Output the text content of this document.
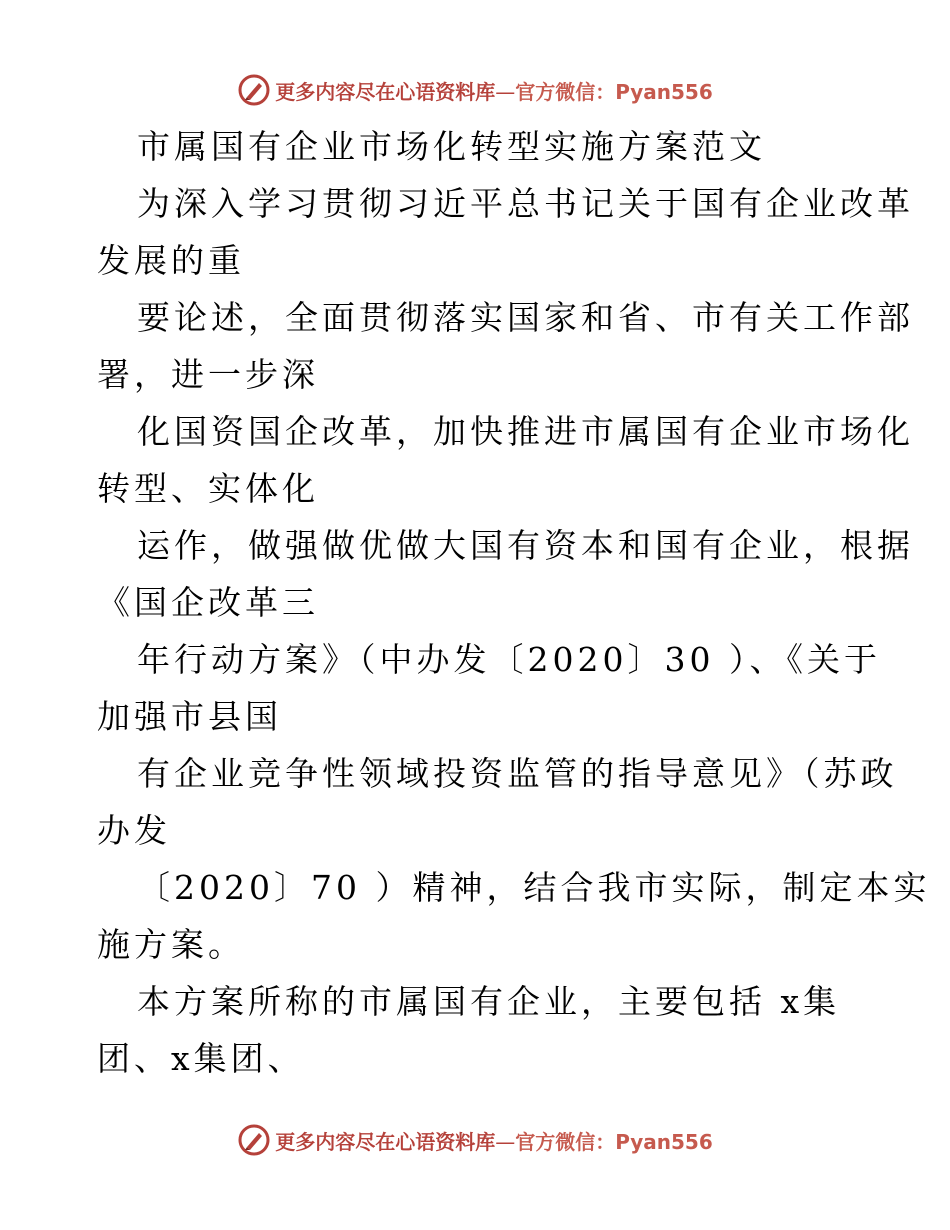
更多内容尽在心语资料库—官方微信：Pyan556
市属国有企业市场化转型实施方案范文
为深入学习贯彻习近平总书记关于国有企业改革
发展的重
要论述，全面贯彻落实国家和省、市有关工作部
署，进一步深
化国资国企改革，加快推进市属国有企业市场化
转型、实体化
运作，做强做优做大国有资本和国有企业，根据
《国企改革三
年行动方案》（中办发〔2020〕30 ）、《关于
加强市县国
有企业竞争性领域投资监管的指导意见》（苏政
办发
〔2020〕70 ）精神，结合我市实际，制定本实
施方案。
本方案所称的市属国有企业，主要包括 x集
团、x集团、
更多内容尽在心语资料库—官方微信：Pyan556
